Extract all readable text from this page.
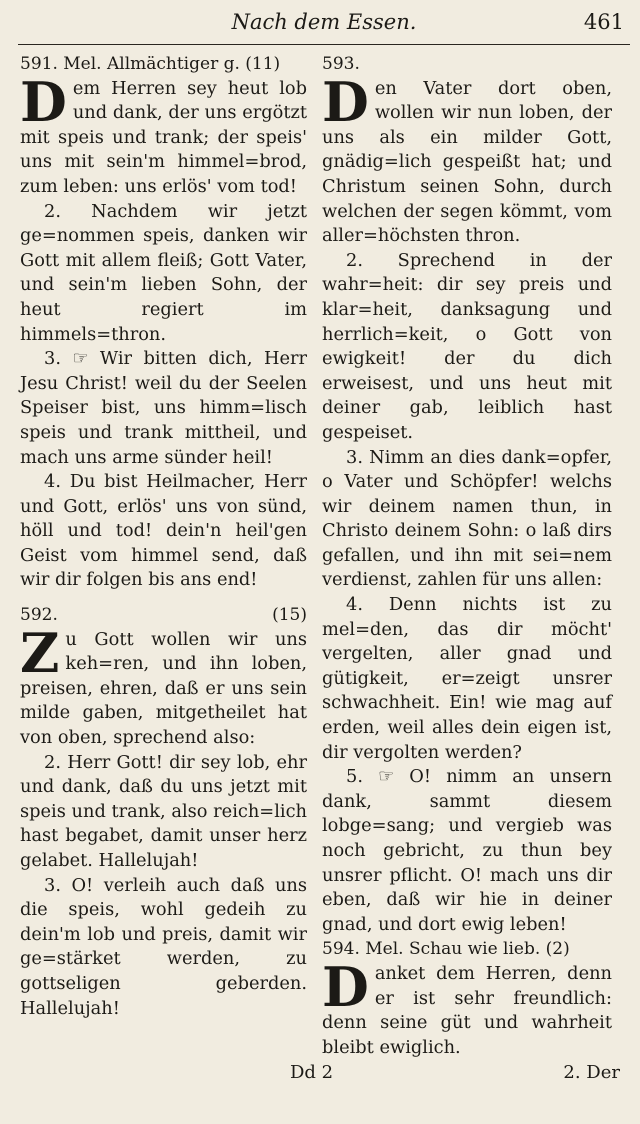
Nach dem Essen.	461
591. Mel. Allmächtiger g. (11)

Dem Herren sey heut lob und dank, der uns ergötzt mit speis und trank; der speis' uns mit sein'm himmel=brod, zum leben: uns erlös' vom tod!

2. Nachdem wir jetzt ge=nommen speis, danken wir Gott mit allem fleiß; Gott Vater, und sein'm lieben Sohn, der heut regiert im himmels=thron.

3. ☞ Wir bitten dich, Herr Jesu Christ! weil du der Seelen Speiser bist, uns himm=lisch speis und trank mittheil, und mach uns arme sünder heil!

4. Du bist Heilmacher, Herr und Gott, erlös' uns von sünd, höll und tod! dein'n heil'gen Geist vom himmel send, daß wir dir folgen bis ans end!

592.	(15)

Zu Gott wollen wir uns keh=ren, und ihn loben, preisen, ehren, daß er uns sein milde gaben, mitgetheilet hat von oben, sprechend also:

2. Herr Gott! dir sey lob, ehr und dank, daß du uns jetzt mit speis und trank, also reich=lich hast begabet, damit unser herz gelabet. Hallelujah!

3. O! verleih auch daß uns die speis, wohl gedeih zu dein'm lob und preis, damit wir ge=stärket werden, zu gottseligen geberden. Hallelujah!

593.

Den Vater dort oben, wollen wir nun loben, der uns als ein milder Gott, gnädig=lich gespeißt hat; und Christum seinen Sohn, durch welchen der segen kömmt, vom aller=höchsten thron.

2. Sprechend in der wahr=heit: dir sey preis und klar=heit, danksagung und herrlich=keit, o Gott von ewigkeit! der du dich erweisest, und uns heut mit deiner gab, leiblich hast gespeiset.

3. Nimm an dies dank=opfer, o Vater und Schöpfer! welchs wir deinem namen thun, in Christo deinem Sohn: o laß dirs gefallen, und ihn mit sei=nem verdienst, zahlen für uns allen:

4. Denn nichts ist zu mel=den, das dir möcht' vergelten, aller gnad und gütigkeit, er=zeigt unsrer schwachheit. Ein! wie mag auf erden, weil alles dein eigen ist, dir vergolten werden?

5. ☞ O! nimm an unsern dank, sammt diesem lobge=sang; und vergieb was noch gebricht, zu thun bey unsrer pflicht. O! mach uns dir eben, daß wir hie in deiner gnad, und dort ewig leben!

594. Mel. Schau wie lieb. (2)

Danket dem Herren, denn er ist sehr freundlich: denn seine güt und wahrheit bleibt ewiglich.

Dd 2	2. Der
